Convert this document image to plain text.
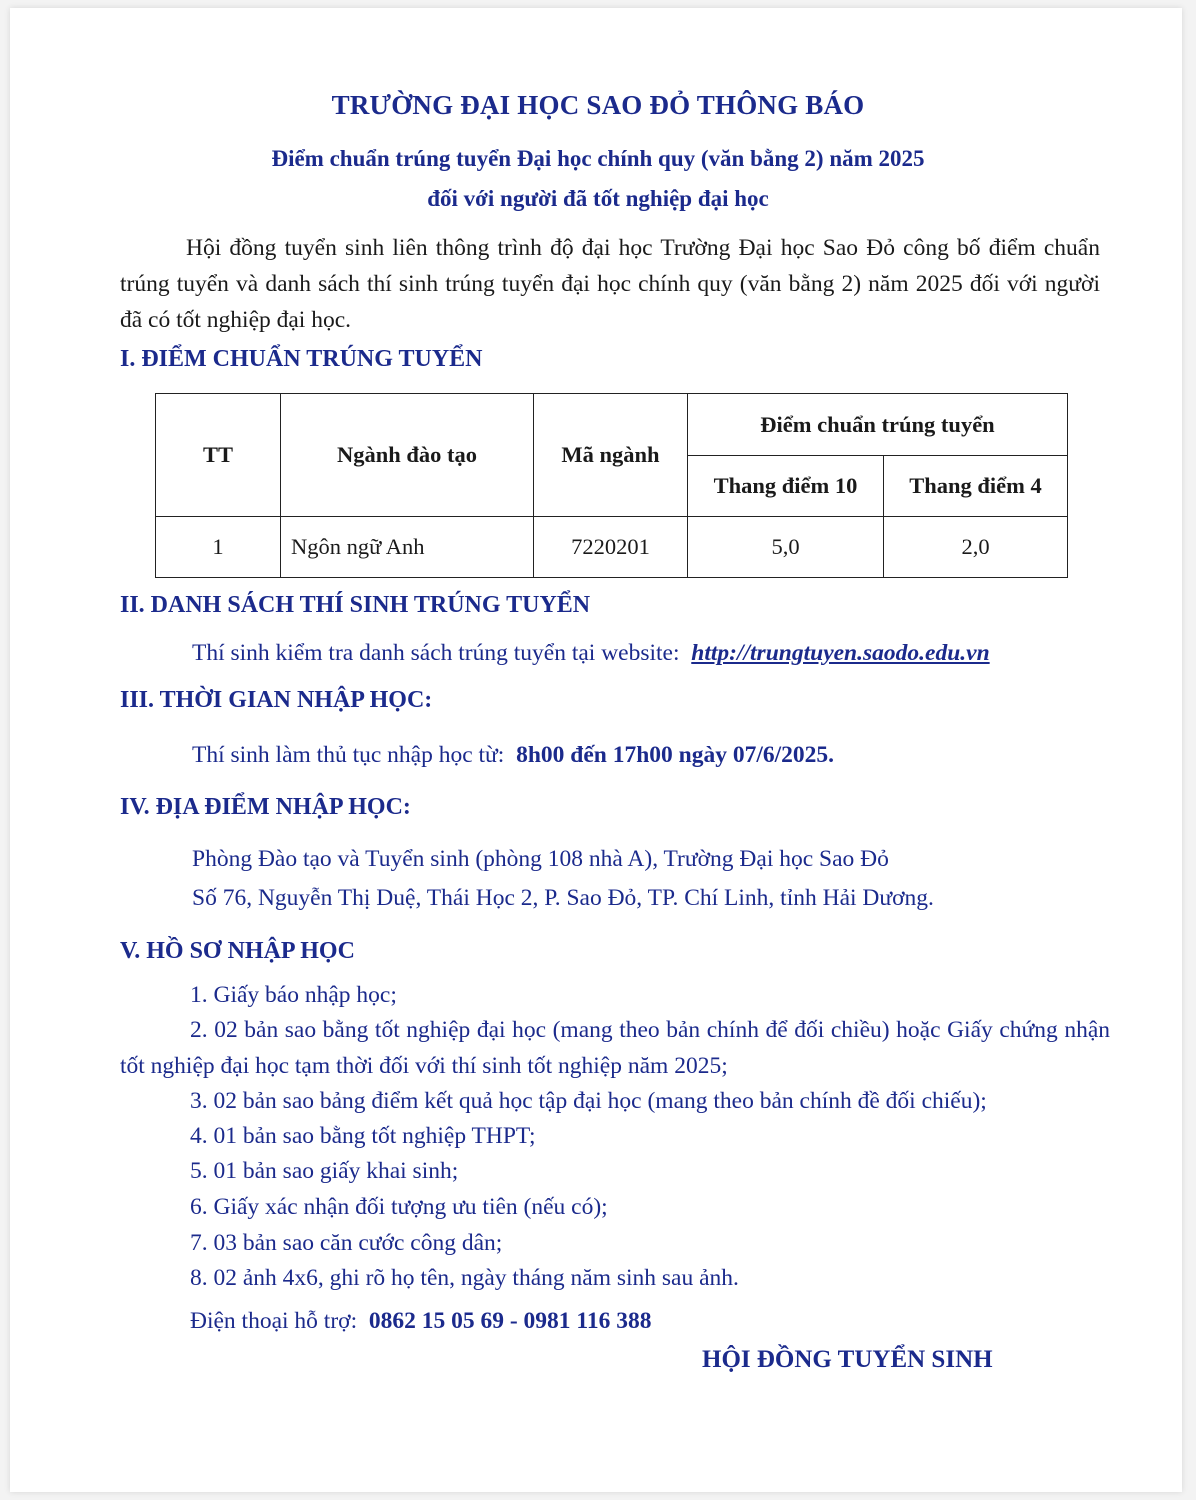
TRƯỜNG ĐẠI HỌC SAO ĐỎ THÔNG BÁO
Điểm chuẩn trúng tuyển Đại học chính quy (văn bằng 2) năm 2025
đối với người đã tốt nghiệp đại học
Hội đồng tuyển sinh liên thông trình độ đại học Trường Đại học Sao Đỏ công bố điểm chuẩn trúng tuyển và danh sách thí sinh trúng tuyển đại học chính quy (văn bằng 2) năm 2025 đối với người đã có tốt nghiệp đại học.
I. ĐIỂM CHUẨN TRÚNG TUYỂN
TT	Ngành đào tạo	Mã ngành	Điểm chuẩn trúng tuyển	
			Thang điểm 10	Thang điểm 4
1	Ngôn ngữ Anh	7220201	5,0	2,0
II. DANH SÁCH THÍ SINH TRÚNG TUYỂN
Thí sinh kiểm tra danh sách trúng tuyển tại website: http://trungtuyen.saodo.edu.vn
III. THỜI GIAN NHẬP HỌC:
Thí sinh làm thủ tục nhập học từ: 8h00 đến 17h00 ngày 07/6/2025.
IV. ĐỊA ĐIỂM NHẬP HỌC:
Phòng Đào tạo và Tuyển sinh (phòng 108 nhà A), Trường Đại học Sao Đỏ
Số 76, Nguyễn Thị Duệ, Thái Học 2, P. Sao Đỏ, TP. Chí Linh, tỉnh Hải Dương.
V. HỒ SƠ NHẬP HỌC
1. Giấy báo nhập học;
2. 02 bản sao bằng tốt nghiệp đại học (mang theo bản chính để đối chiều) hoặc Giấy chứng nhận tốt nghiệp đại học tạm thời đối với thí sinh tốt nghiệp năm 2025;
3. 02 bản sao bảng điểm kết quả học tập đại học (mang theo bản chính đề đối chiếu);
4. 01 bản sao bằng tốt nghiệp THPT;
5. 01 bản sao giấy khai sinh;
6. Giấy xác nhận đối tượng ưu tiên (nếu có);
7. 03 bản sao căn cước công dân;
8. 02 ảnh 4x6, ghi rõ họ tên, ngày tháng năm sinh sau ảnh.
Điện thoại hỗ trợ: 0862 15 05 69 - 0981 116 388
HỘI ĐỒNG TUYỂN SINH
